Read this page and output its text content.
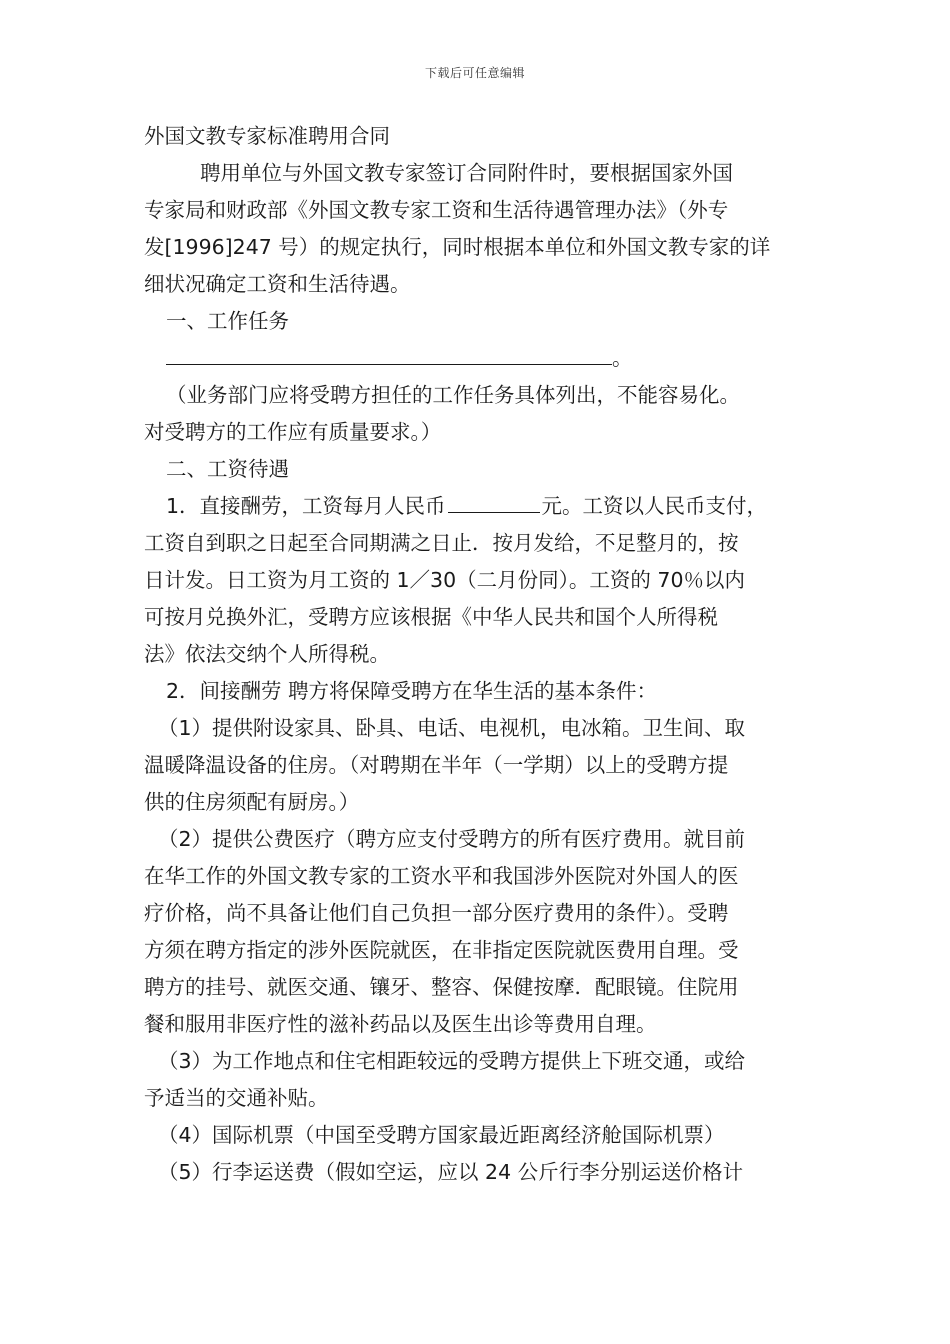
下载后可任意编辑
外国文教专家标准聘用合同
聘用单位与外国文教专家签订合同附件时，要根据国家外国
专家局和财政部《外国文教专家工资和生活待遇管理办法》（外专
发[1996]247 号）的规定执行，同时根据本单位和外国文教专家的详
细状况确定工资和生活待遇。
一、工作任务
。
（业务部门应将受聘方担任的工作任务具体列出，不能容易化。
对受聘方的工作应有质量要求。）
二、工资待遇
1．直接酬劳，工资每月人民币	元。工资以人民币支付，
工资自到职之日起至合同期满之日止．按月发给，不足整月的，按
日计发。日工资为月工资的 1／30（二月份同）。工资的 70％以内
可按月兑换外汇，受聘方应该根据《中华人民共和国个人所得税
法》依法交纳个人所得税。
2．间接酬劳 聘方将保障受聘方在华生活的基本条件：
（1）提供附设家具、卧具、电话、电视机，电冰箱。卫生间、取
温暖降温设备的住房。（对聘期在半年（一学期）以上的受聘方提
供的住房须配有厨房。）
（2）提供公费医疗（聘方应支付受聘方的所有医疗费用。就目前
在华工作的外国文教专家的工资水平和我国涉外医院对外国人的医
疗价格，尚不具备让他们自己负担一部分医疗费用的条件）。受聘
方须在聘方指定的涉外医院就医，在非指定医院就医费用自理。受
聘方的挂号、就医交通、镶牙、整容、保健按摩．配眼镜。住院用
餐和服用非医疗性的滋补药品以及医生出诊等费用自理。
（3）为工作地点和住宅相距较远的受聘方提供上下班交通，或给
予适当的交通补贴。
（4）国际机票（中国至受聘方国家最近距离经济舱国际机票）
（5）行李运送费（假如空运，应以 24 公斤行李分别运送价格计
